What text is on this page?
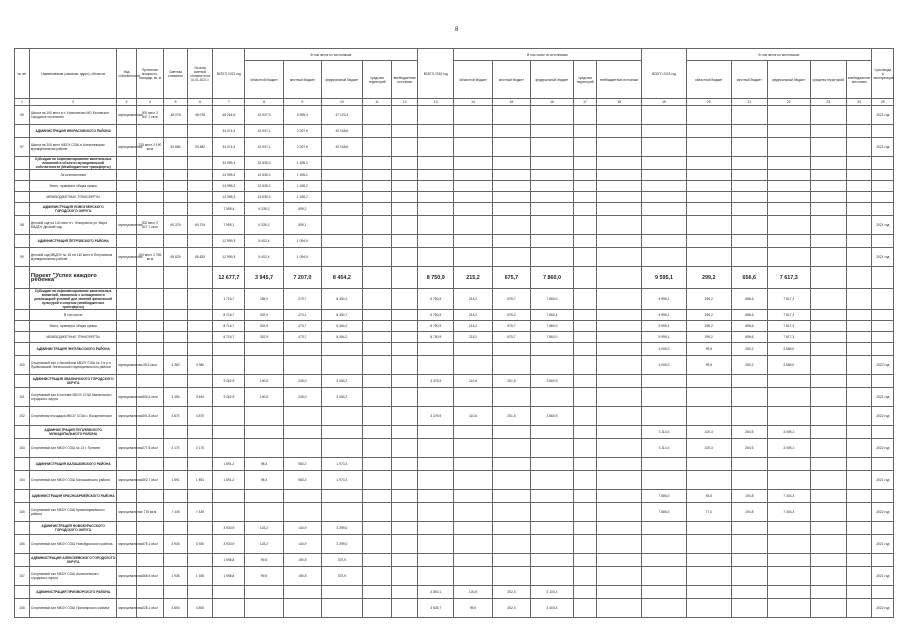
8
№ п/п	Наименование (заказчик, адрес), объектов	Вид собственности	Проектная мощность, площадь, кв. м	Сметная стоимость	Остаток сметной стоимости на 01.01.2021 г.	ВСЕГО 2021 год	В том числе по источникам:					ВСЕГО 2022 год	В том числе по источникам:					ВСЕГО 2023 год	В том числе по источникам:					Срок ввода в эксплуатацию
							областной бюджет	местный бюджет	федеральный бюджет	средства территорий	внебюджетные источники		областной бюджет	местный бюджет	федеральный бюджет	средства территорий	внебюджетные источники		областной бюджет	местный бюджет	федеральный бюджет	средства территорий	внебюджетные источники	
1	2	3	4	5	6	7	8	9	10	11	12	13	14	15	16	17	18	19	20	21	22	23	24	25
95	Школа на 100 мест в с. Новоселово МО Беловское Городское поселение	муниципальная	200 мест 2 847,7 кв.м	48 078	48 078	48 264,5	10 947,9	9 695,3	47 120,3															2021 год
	АДМИНИСТРАЦИЯ НЕКРАСОВСКОГО РАЙОНА					33 074,3	10 947,1	2 007,6	20 048,6															
97	Школа на 200 мест МБОУ СОШ в Алексеевском муниципальном районе	муниципальная	225 мест 3 190 кв.м	53 680	53 680	33 074,3	10 947,1	2 007,6	20 048,6															2021 год
	Субсидии на софинансирование капитальных вложений в объекты муниципальной собственности (Межбюджетные трансферты)					34 995,3	32 835,3	1 495,2																
	За исключением					14 995,3	12 835,3	1 495,2																
	Всего, примерно общая сумма					14 995,3	12 835,3	1 495,2																
	МЕЖБЮДЖЕТНЫЕ ТРАНСФЕРТЫ					14 995,3	13 835,3	1 495,2																
	АДМИНИСТРАЦИЯ НОВОУЗЕНСКОГО ГОРОДСКОГО ОКРУГА					7 995,4	6 335,2	595,2																
98	Детский сад на 140 мест в г. Новоузенск ул. Мира МКДОУ Детский сад	муниципальная	200 мест 2 627,7 кв.м	60 376	60 376	7 995,1	6 335,2	595,1																2021 год
	АДМИНИСТРАЦИЯ ПЕТРОВСКОГО РАЙОНА					12 999,3	8 402,4	1 094,9																
99	Детский сад МБДОУ № 18 на 140 мест в Петровском муниципальном районе	муниципальная	200 мест 2 785 кв.м	65 825	65 825	12 999,3	8 402,4	1 094,9																2021 год
	Проект "Успех каждого ребенка"					12 677,7	3 945,7	7 207,0	8 454,2			8 750,9	215,2	675,7	7 860,0			9 595,1	299,2	656,6	7 617,3			
	Субсидии на софинансирование капитальных вложений, связанных с оснащением и реализацией условий для занятий физической культурой и спортом (межбюджетные трансферты)					1 716,7	255,0	279,7	8 454,2			8 750,9	215,2	675,7	7 860,0			9 595,1	299,2	656,6	7 617,3			
	В том числе					8 716,7	302,9	473,1	8 454,7			8 750,9	215,2	675,2	7 860,4			9 595,1	299,2	656,6	7 617,3			
	Всего, примерно общая сумма					8 716,7	302,9	473,7	8 454,2			8 750,9	215,2	675,7	7 860,0			9 595,1	299,2	656,6	7 617,3			
	МЕЖБЮДЖЕТНЫЕ ТРАНСФЕРТЫ					8 716,7	302,9	473,7	8 454,2			8 750,9	215,2	675,7	7 860,0			9 595,1	299,2	656,6	7 617,3			
	АДМИНИСТРАЦИЯ ЭНГЕЛЬССКОГО РАЙОНА																	4 005,0	99,8	250,2	3 655,0			
100	Спортивный зал с бассейном МБОУ СОШ № 2 в р.п. Приволжский Энгельсского муниципального района	муниципальная	28,4 кв.м	4 380	4 380													4 005,0	99,8	250,2	3 655,0			2022 год
	АДМИНИСТРАЦИЯ ХВАЛЫНСКОГО ГОРОДСКОГО ОКРУГА					3 462,9	100,5	245,0	3 454,2			3 475,9	110,6	201,6	3 660,9									
101	Спортивный зал в составе МБОУ СОШ Хвалынского городского округа	муниципальная	305,4 кв.м	3 454	3 454	3 462,9	100,5	245,0	3 454,2															2021 год
102	Спортивная площадка МБОУ СОШ с. Воскресенское	муниципальная	301,8 кв.м	3 870	3 870							3 475,9	110,6	201,6	3 660,9									2022 год
	АДМИНИСТРАЦИЯ ПУГАЧЕВСКОГО МУНИЦИПАЛЬНОГО РАЙОНА																	3 114,0	100,3	264,5	3 009,1			
103	Спортивный зал МБОУ СОШ № 13 г. Пугачев	муниципальная	277,8 кв.м	3 170	3 170													3 114,0	100,3	264,5	3 009,1			2022 год
	АДМИНИСТРАЦИЯ БАЛАШОВСКОГО РАЙОНА					1 891,2	98,4	583,2	1 973,3															
104	Спортивный зал МБОУ СОШ Балашовского района	муниципальная	302,7 кв.м	1 891	1 891	1 891,2	98,4	583,2	1 973,3															2021 год
	АДМИНИСТРАЦИЯ КРАСНОАРМЕЙСКОГО РАЙОНА																	7 685,0	94,8	194,8	7 403,3			
105	Спортивный зал МБОУ СОШ Красноармейского района	муниципальная	775 кв.м	7 449	7 449													7 685,0	77,0	194,8	7 403,3			2022 год
	АДМИНИСТРАЦИЯ НОВОБУРАССКОГО ГОРОДСКОГО ОКРУГА					3 930,9	103,2	144,9	3 399,0															
106	Спортивный зал МБОУ СОШ Новобурасского района	муниципальная	475,1 кв.м	3 930	3 930	3 930,9	103,2	144,9	3 399,0															2021 год
	АДМИНИСТРАЦИЯ АЛЕКСЕЕВСКОГО ГОРОДСКОГО ОКРУГА					1 995,8	99,5	190,5	375,9															
107	Спортивный зал МБОУ СОШ Алексеевского городского округа	муниципальная	366,9 кв.м	1 935	1 935	1 995,8	99,5	190,5	375,9															2021 год
	АДМИНИСТРАЦИЯ ПРИОВОРСКОГО РАЙОНА											4 800,1	100,5	302,4	3 103,3									
108	Спортивный зал МБОУ СОШ Приоворского района	муниципальная	228,1 кв.м	3 800	3 800							3 825,7	99,5	302,4	3 403,4									2022 год
